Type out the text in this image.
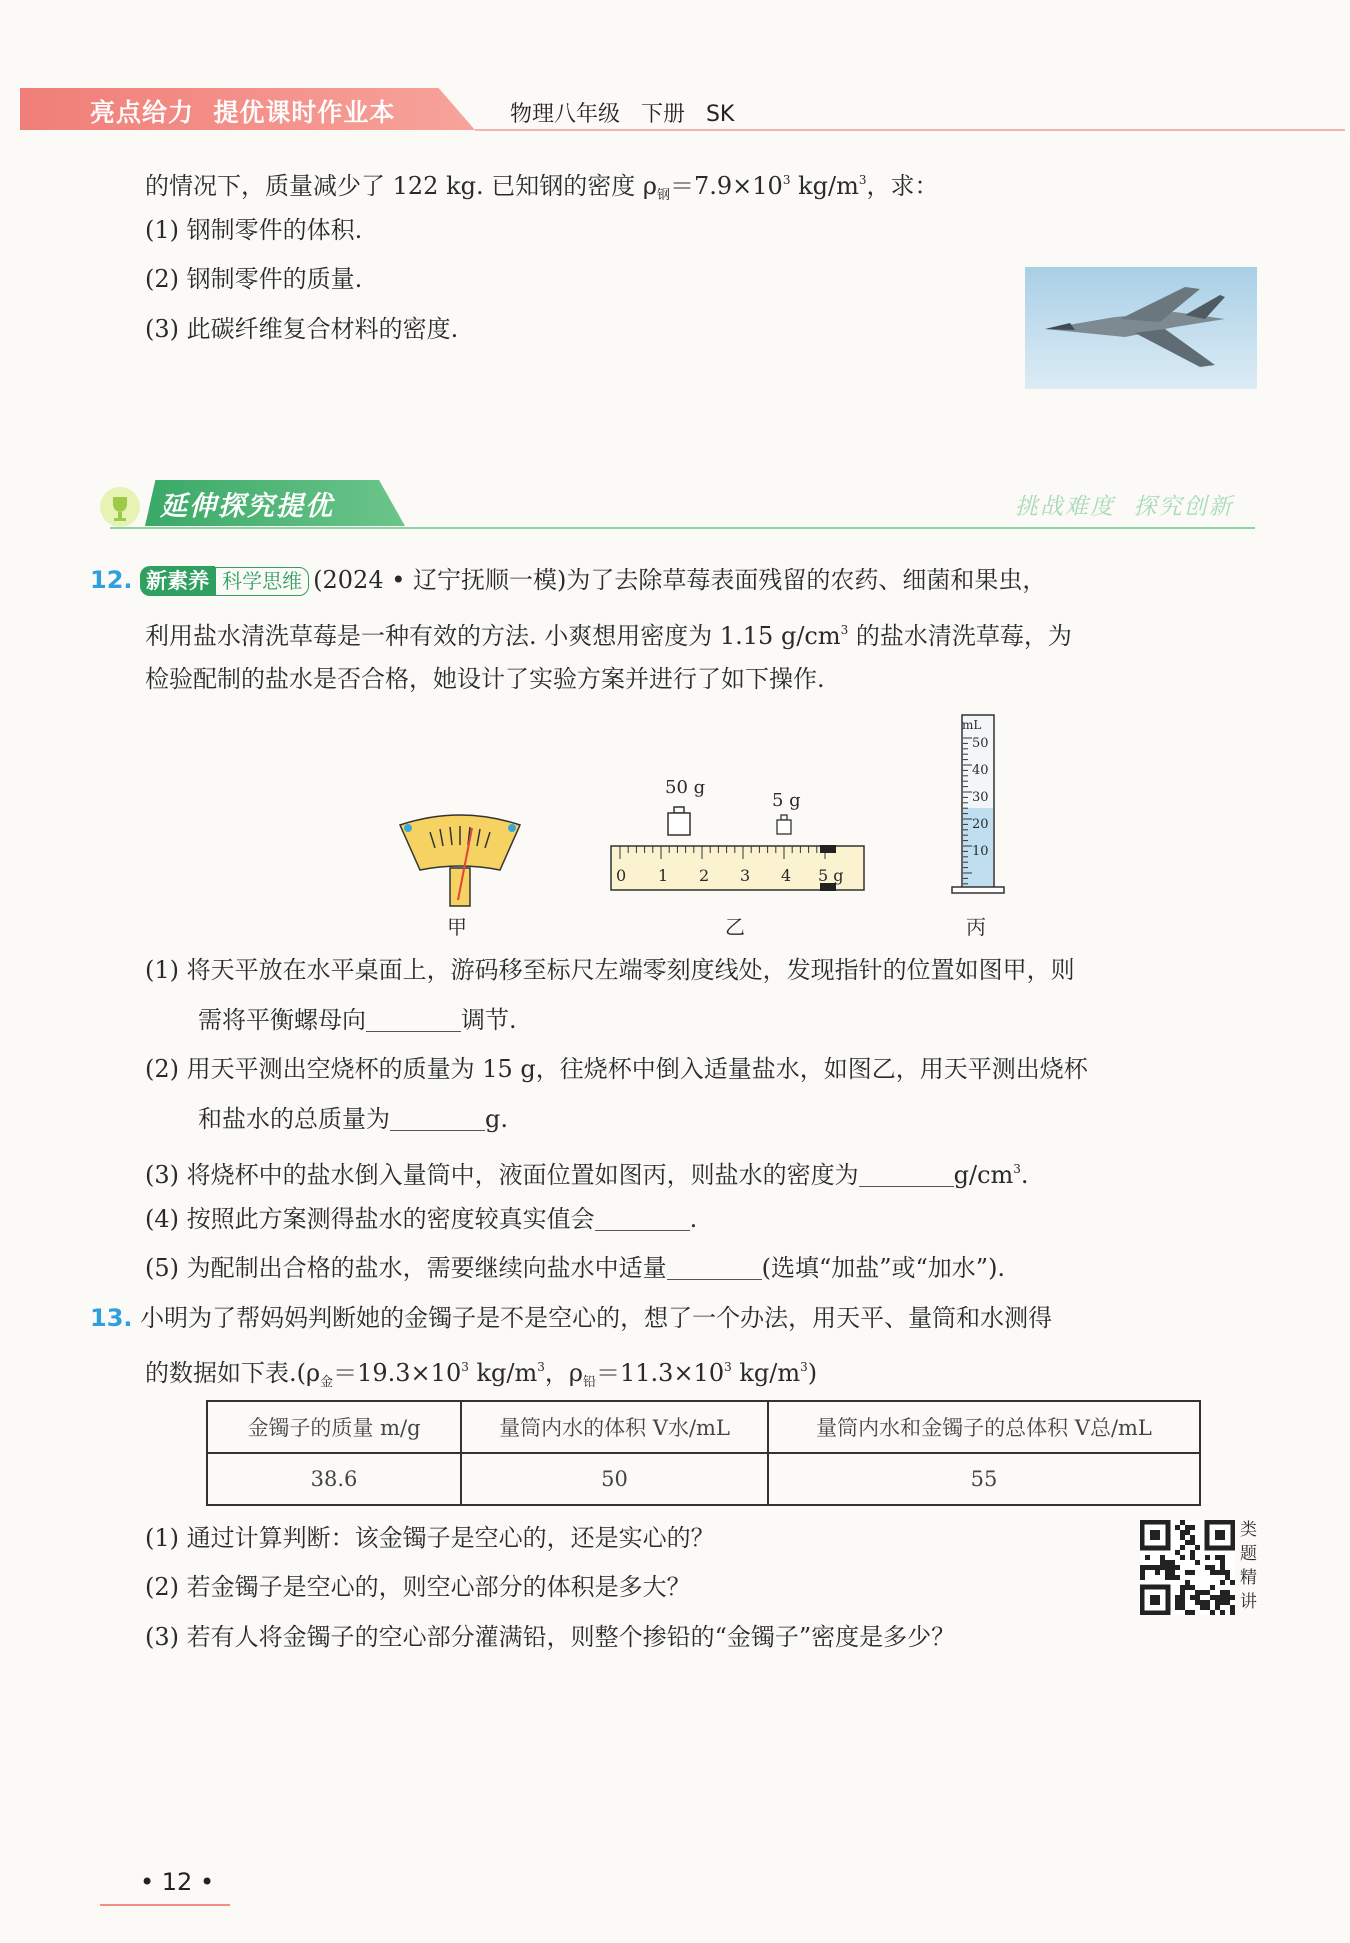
亮点给力  提优课时作业本	物理八年级   下册   SK
的情况下，质量减少了 122 kg. 已知钢的密度 $\rho_钢=7.9\times 10^3$ $kg/m^3$，求：
(1) 钢制零件的体积.
(2) 钢制零件的质量.
(3) 此碳纤维复合材料的密度.
延伸探究提优	挑战难度  探究创新
12. 新素养 科学思维 (2024 • 辽宁抚顺一模)为了去除草莓表面残留的农药、细菌和果虫，
利用盐水清洗草莓是一种有效的方法. 小爽想用密度为 1.15 $g/cm^3$ 的盐水清洗草莓，为
检验配制的盐水是否合格，她设计了实验方案并进行了如下操作.
甲
50 g
5 g
0 1 2 3 4 5 g
乙
mL
50
40
30
20
10
丙
(1) 将天平放在水平桌面上，游码移至标尺左端零刻度线处，发现指针的位置如图甲，则
需将平衡螺母向	调节.
(2) 用天平测出空烧杯的质量为 15 g，往烧杯中倒入适量盐水，如图乙，用天平测出烧杯
和盐水的总质量为	g.
(3) 将烧杯中的盐水倒入量筒中，液面位置如图丙，则盐水的密度为	$g/cm^3$.
(4) 按照此方案测得盐水的密度较真实值会	.
(5) 为配制出合格的盐水，需要继续向盐水中适量	(选填“加盐”或“加水”).
13. 小明为了帮妈妈判断她的金镯子是不是空心的，想了一个办法，用天平、量筒和水测得
的数据如下表$.(\rho_金=19.3\times 10^3$ $kg/m^3$，$\rho_铅=11.3\times 10^3$ $kg/m^3$)
金镯子的质量 m/g	量筒内水的体积 V水/mL	量筒内水和金镯子的总体积 V总/mL
38.6	50	55
(1) 通过计算判断：该金镯子是空心的，还是实心的？
(2) 若金镯子是空心的，则空心部分的体积是多大？
(3) 若有人将金镯子的空心部分灌满铅，则整个掺铅的“金镯子”密度是多少？
类
题
精
讲
• 12 •
